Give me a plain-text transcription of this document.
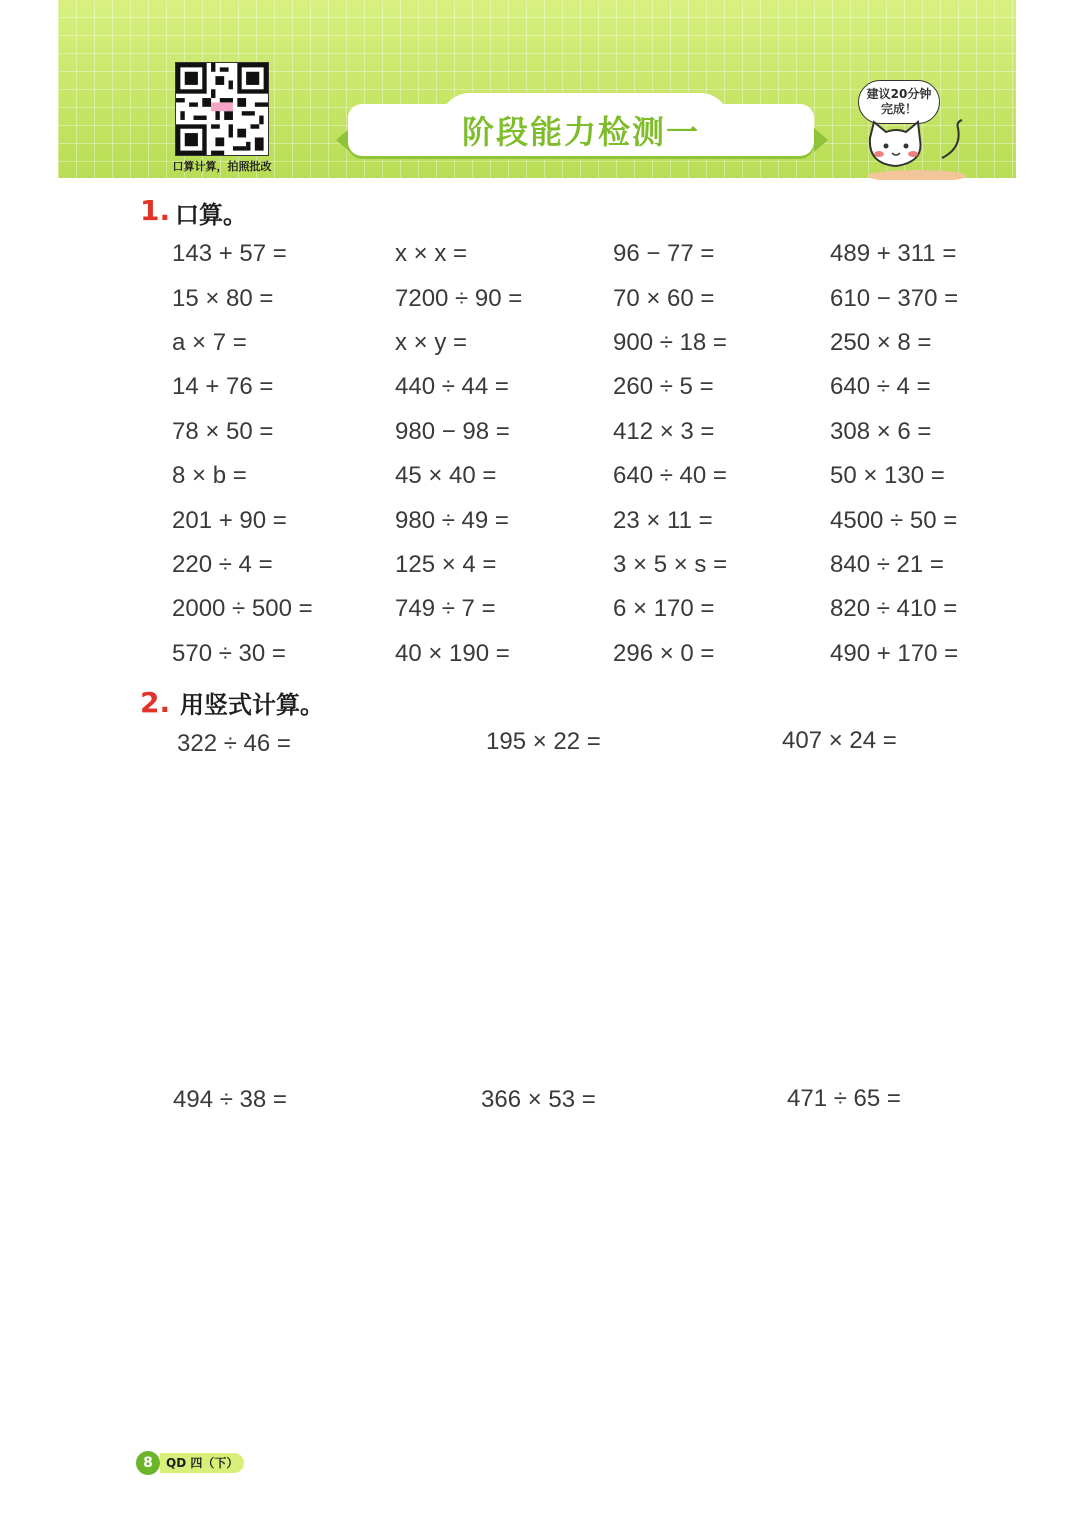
口算计算，拍照批改
阶段能力检测一
建议20分钟
完成！
1. 口算。
143 + 57 =	x × x =	96 − 77 =	489 + 311 =
15 × 80 =	7200 ÷ 90 =	70 × 60 =	610 − 370 =
a × 7 =	x × y =	900 ÷ 18 =	250 × 8 =
14 + 76 =	440 ÷ 44 =	260 ÷ 5 =	640 ÷ 4 =
78 × 50 =	980 − 98 =	412 × 3 =	308 × 6 =
8 × b =	45 × 40 =	640 ÷ 40 =	50 × 130 =
201 + 90 =	980 ÷ 49 =	23 × 11 =	4500 ÷ 50 =
220 ÷ 4 =	125 × 4 =	3 × 5 × s =	840 ÷ 21 =
2000 ÷ 500 =	749 ÷ 7 =	6 × 170 =	820 ÷ 410 =
570 ÷ 30 =	40 × 190 =	296 × 0 =	490 + 170 =
2. 用竖式计算。
322 ÷ 46 =	195 × 22 =	407 × 24 =
494 ÷ 38 =	366 × 53 =	471 ÷ 65 =
8	QD 四（下）
